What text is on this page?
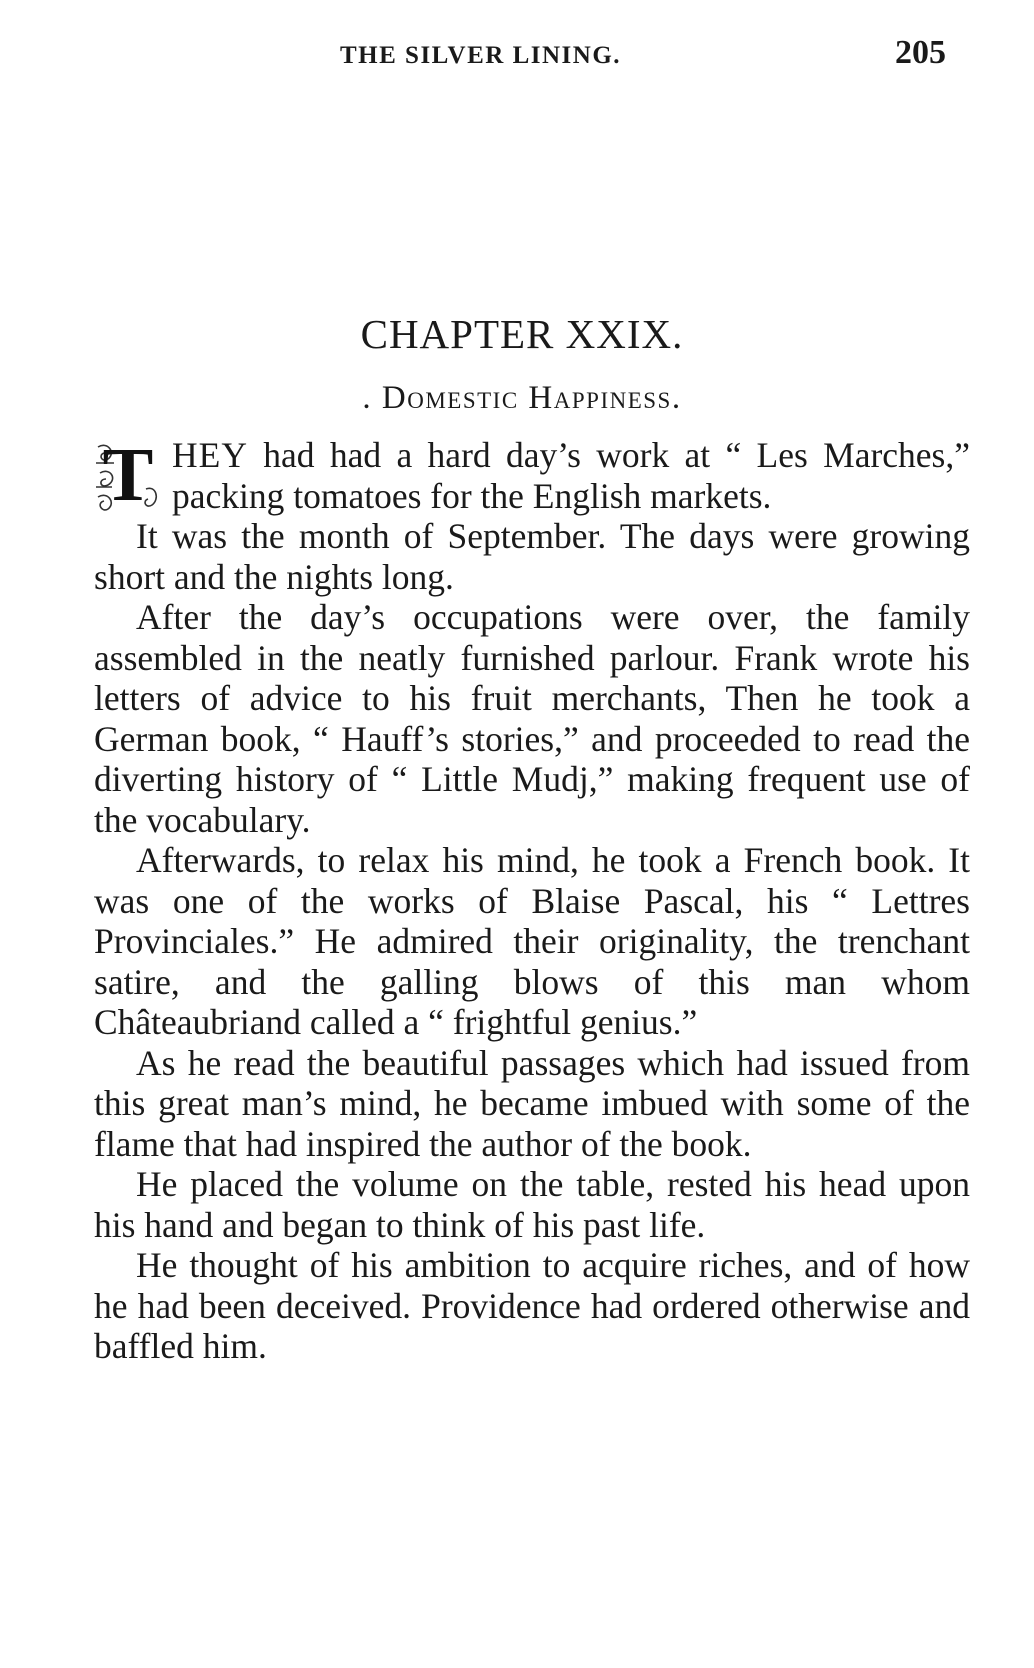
THE SILVER LINING.	205
CHAPTER XXIX.
. Domestic Happiness.

T HEY had had a hard day’s work at “ Les Marches,” packing tomatoes for the English markets.

It was the month of September. The days were growing short and the nights long.

After the day’s occupations were over, the family assembled in the neatly furnished parlour. Frank wrote his letters of advice to his fruit merchants, Then he took a German book, “ Hauff’s stories,” and proceeded to read the diverting history of “ Little Mudj,” making frequent use of the vocabulary.

Afterwards, to relax his mind, he took a French book. It was one of the works of Blaise Pascal, his “ Lettres Provinciales.” He admired their originality, the trenchant satire, and the galling blows of this man whom Châteaubriand called a “ frightful genius.”

As he read the beautiful passages which had issued from this great man’s mind, he became imbued with some of the flame that had inspired the author of the book.

He placed the volume on the table, rested his head upon his hand and began to think of his past life.

He thought of his ambition to acquire riches, and of how he had been deceived. Providence had ordered otherwise and baffled him.
